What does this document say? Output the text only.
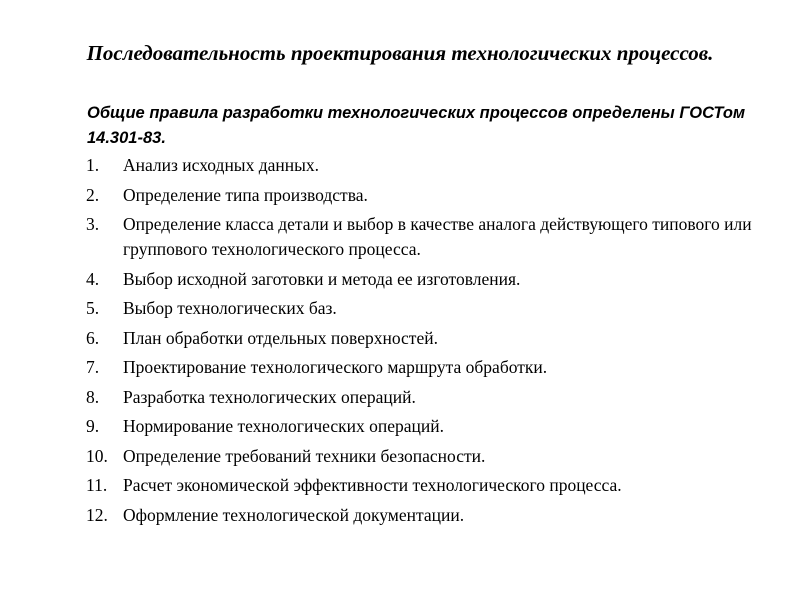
Последовательность проектирования технологических процессов.
Общие правила разработки технологических процессов определены ГОСТом 14.301-83.
1.	Анализ исходных данных.
2.	Определение типа производства.
3.	Определение класса детали и выбор в качестве аналога действующего типового или группового технологического процесса.
4.	Выбор исходной заготовки и метода ее изготовления.
5.	Выбор технологических баз.
6.	План обработки отдельных поверхностей.
7.	Проектирование технологического маршрута обработки.
8.	Разработка технологических операций.
9.	Нормирование технологических операций.
10. Определение требований техники безопасности.
11. Расчет экономической эффективности технологического процесса.
12. Оформление технологической документации.
